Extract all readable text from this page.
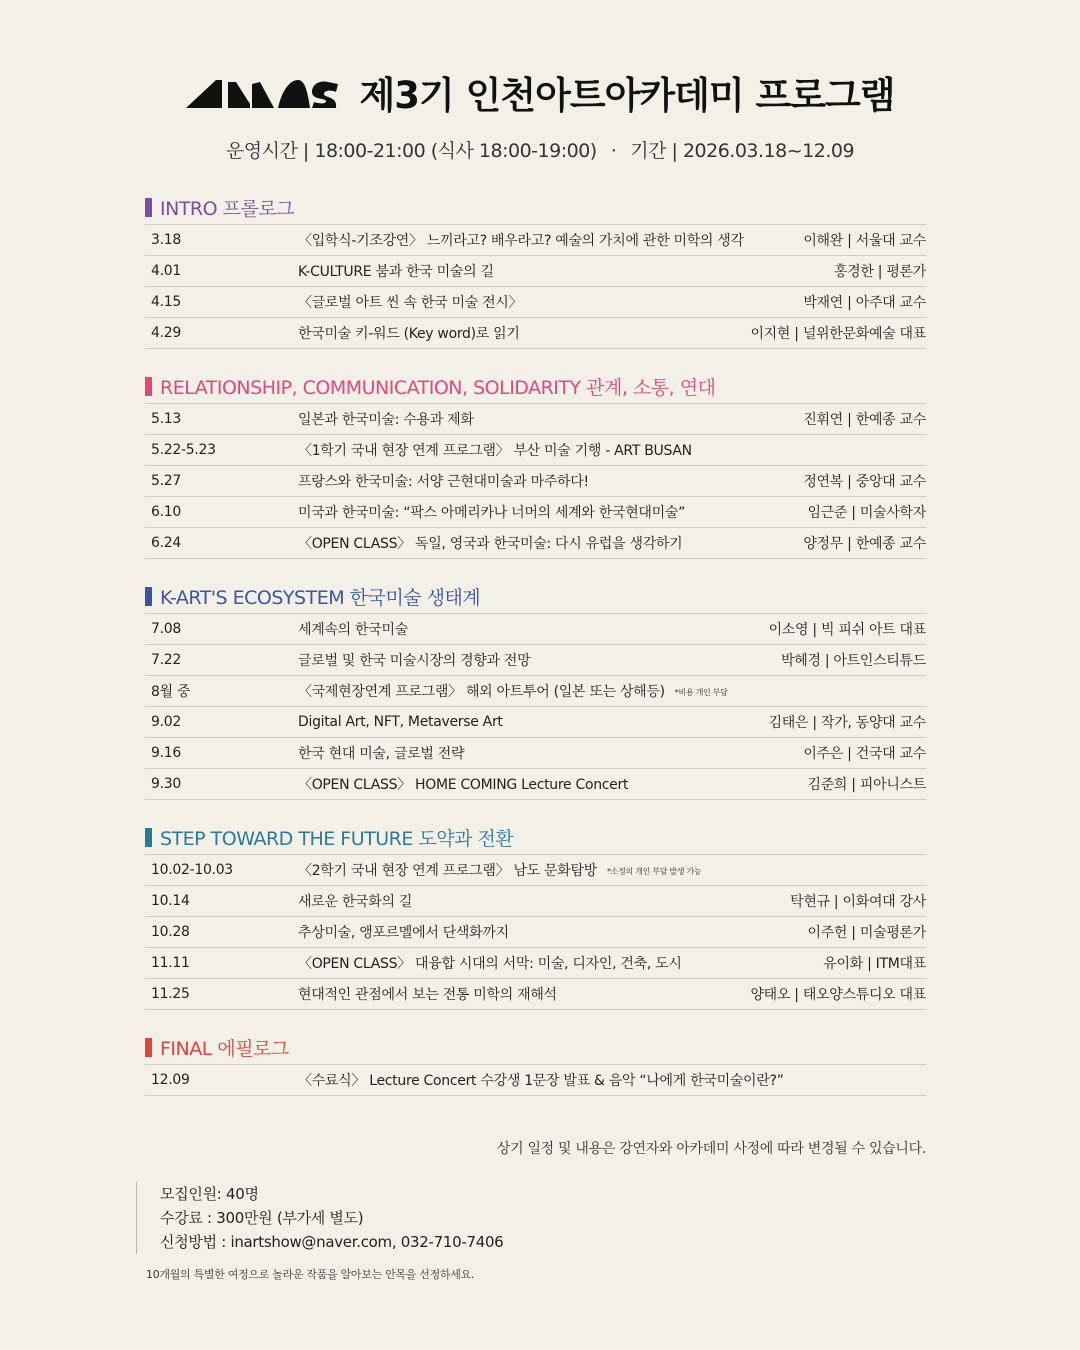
제3기 인천아트아카데미 프로그램
운영시간 | 18:00-21:00 (식사 18:00-19:00) · 기간 | 2026.03.18~12.09
INTRO 프롤로그
3.18	〈입학식-기조강연〉 느끼라고? 배우라고? 예술의 가치에 관한 미학의 생각	이해완 | 서울대 교수
4.01	K-CULTURE 붐과 한국 미술의 길	홍경한 | 평론가
4.15	〈글로벌 아트 씬 속 한국 미술 전시〉	박재연 | 아주대 교수
4.29	한국미술 키-워드 (Key word)로 읽기	이지현 | 널위한문화예술 대표
RELATIONSHIP, COMMUNICATION, SOLIDARITY 관계, 소통, 연대
5.13	일본과 한국미술: 수용과 제화	진휘연 | 한예종 교수
5.22-5.23	〈1학기 국내 현장 연계 프로그램〉 부산 미술 기행 - ART BUSAN	
5.27	프랑스와 한국미술: 서양 근현대미술과 마주하다!	정연복 | 중앙대 교수
6.10	미국과 한국미술: “팍스 아메리카나 너머의 세계와 한국현대미술”	임근준 | 미술사학자
6.24	〈OPEN CLASS〉 독일, 영국과 한국미술: 다시 유럽을 생각하기	양정무 | 한예종 교수
K-ART'S ECOSYSTEM 한국미술 생태계
7.08	세계속의 한국미술	이소영 | 빅 피쉬 아트 대표
7.22	글로벌 및 한국 미술시장의 경향과 전망	박혜경 | 아트인스티튜드
8월 중	〈국제현장연계 프로그램〉 해외 아트투어 (일본 또는 상해등) *비용 개인 부담	
9.02	Digital Art, NFT, Metaverse Art	김태은 | 작가, 동양대 교수
9.16	한국 현대 미술, 글로벌 전략	이주은 | 건국대 교수
9.30	〈OPEN CLASS〉 HOME COMING Lecture Concert	김준희 | 피아니스트
STEP TOWARD THE FUTURE 도약과 전환
10.02-10.03	〈2학기 국내 현장 연계 프로그램〉 남도 문화탐방 *소정의 개인 부담 발생 가능	
10.14	새로운 한국화의 길	탁현규 | 이화여대 강사
10.28	추상미술, 앵포르멜에서 단색화까지	이주헌 | 미술평론가
11.11	〈OPEN CLASS〉 대융합 시대의 서막: 미술, 디자인, 건축, 도시	유이화 | ITM대표
11.25	현대적인 관점에서 보는 전통 미학의 재해석	양태오 | 태오양스튜디오 대표
FINAL 에필로그
12.09	〈수료식〉 Lecture Concert 수강생 1문장 발표 & 음악 “나에게 한국미술이란?”	
상기 일정 및 내용은 강연자와 아카데미 사정에 따라 변경될 수 있습니다.
모집인원: 40명
수강료 : 300만원 (부가세 별도)
신청방법 : inartshow@naver.com, 032-710-7406
10개월의 특별한 여정으로 놀라운 작품을 알아보는 안목을 선정하세요.
